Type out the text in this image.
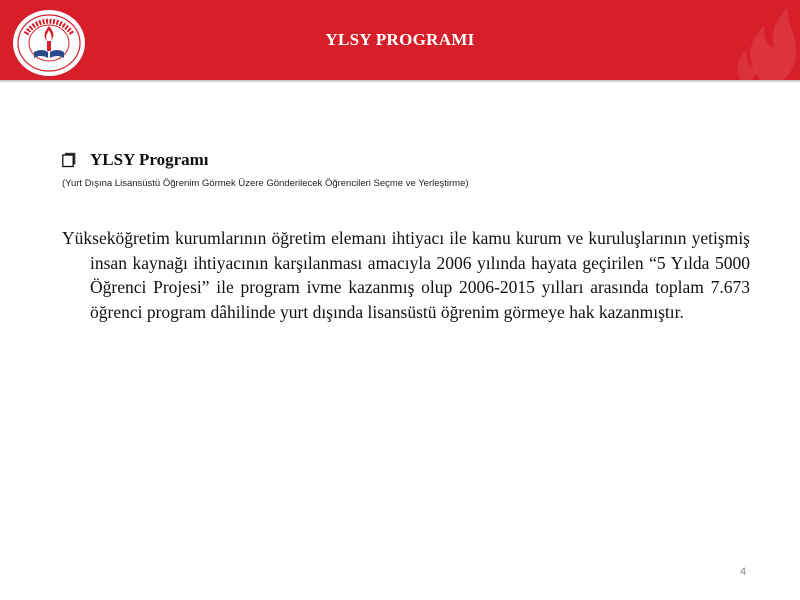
YLSY PROGRAMI
YLSY Programı
(Yurt Dışına Lisansüstü Öğrenim Görmek Üzere Gönderilecek Öğrencileri Seçme ve Yerleştirme)
Yükseköğretim kurumlarının öğretim elemanı ihtiyacı ile kamu kurum ve kuruluşlarının yetişmiş insan kaynağı ihtiyacının karşılanması amacıyla 2006 yılında hayata geçirilen “5 Yılda 5000 Öğrenci Projesi” ile program ivme kazanmış olup 2006-2015 yılları arasında toplam 7.673 öğrenci program dâhilinde yurt dışında lisansüstü öğrenim görmeye hak kazanmıştır.
4
